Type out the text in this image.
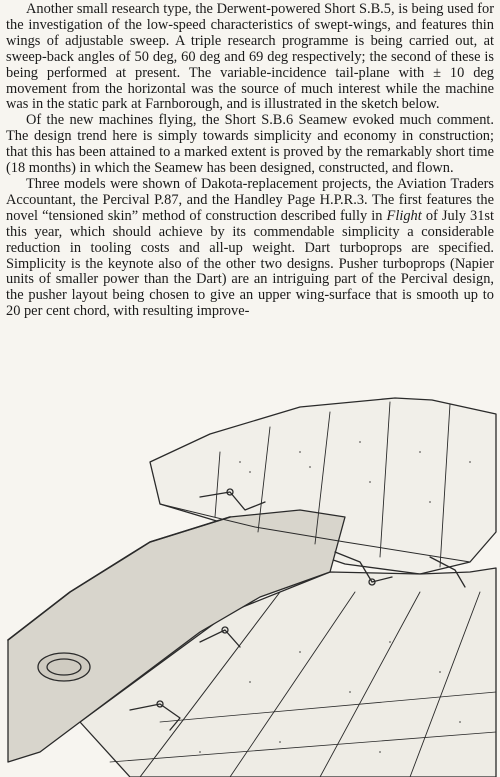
Another small research type, the Derwent-powered Short S.B.5, is being used for the investigation of the low-speed characteristics of swept-wings, and features thin wings of adjustable sweep. A triple research programme is being carried out, at sweep-back angles of 50 deg, 60 deg and 69 deg respectively; the second of these is being performed at present. The variable-incidence tail-plane with ± 10 deg movement from the horizontal was the source of much interest while the machine was in the static park at Farnborough, and is illustrated in the sketch below.

Of the new machines flying, the Short S.B.6 Seamew evoked much comment. The design trend here is simply towards simplicity and economy in construction; that this has been attained to a marked extent is proved by the remarkably short time (18 months) in which the Seamew has been designed, constructed, and flown.

Three models were shown of Dakota-replacement projects, the Aviation Traders Accountant, the Percival P.87, and the Handley Page H.P.R.3. The first features the novel “tensioned skin” method of construction described fully in Flight of July 31st this year, which should achieve by its commendable simplicity a considerable reduction in tooling costs and all-up weight. Dart turboprops are specified. Simplicity is the keynote also of the other two designs. Pusher turboprops (Napier units of smaller power than the Dart) are an intriguing part of the Percival design, the pusher layout being chosen to give an upper wing-surface that is smooth up to 20 per cent chord, with resulting improve-
